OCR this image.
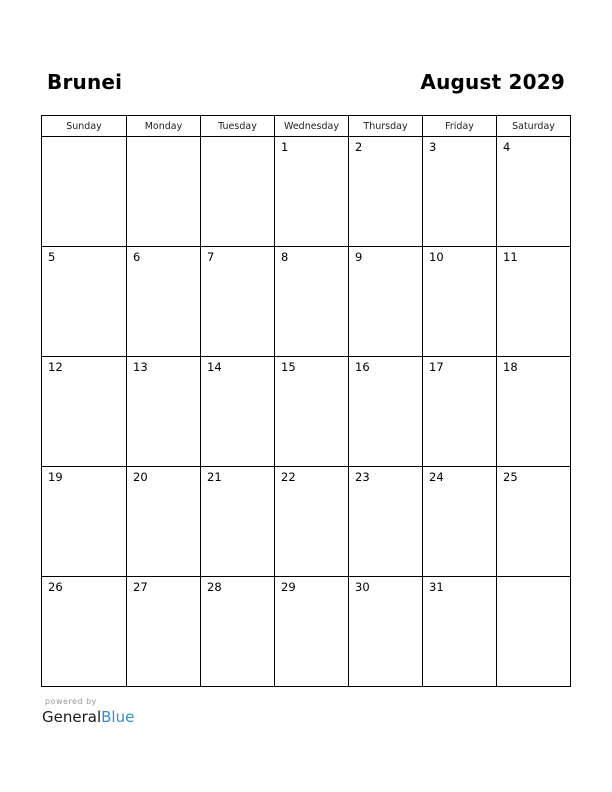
Brunei	August 2029
Sunday	Monday	Tuesday	Wednesday	Thursday	Friday	Saturday

			1	2	3	4

5	6	7	8	9	10	11

12	13	14	15	16	17	18

19	20	21	22	23	24	25

26	27	28	29	30	31	

powered by
GeneralBlue
